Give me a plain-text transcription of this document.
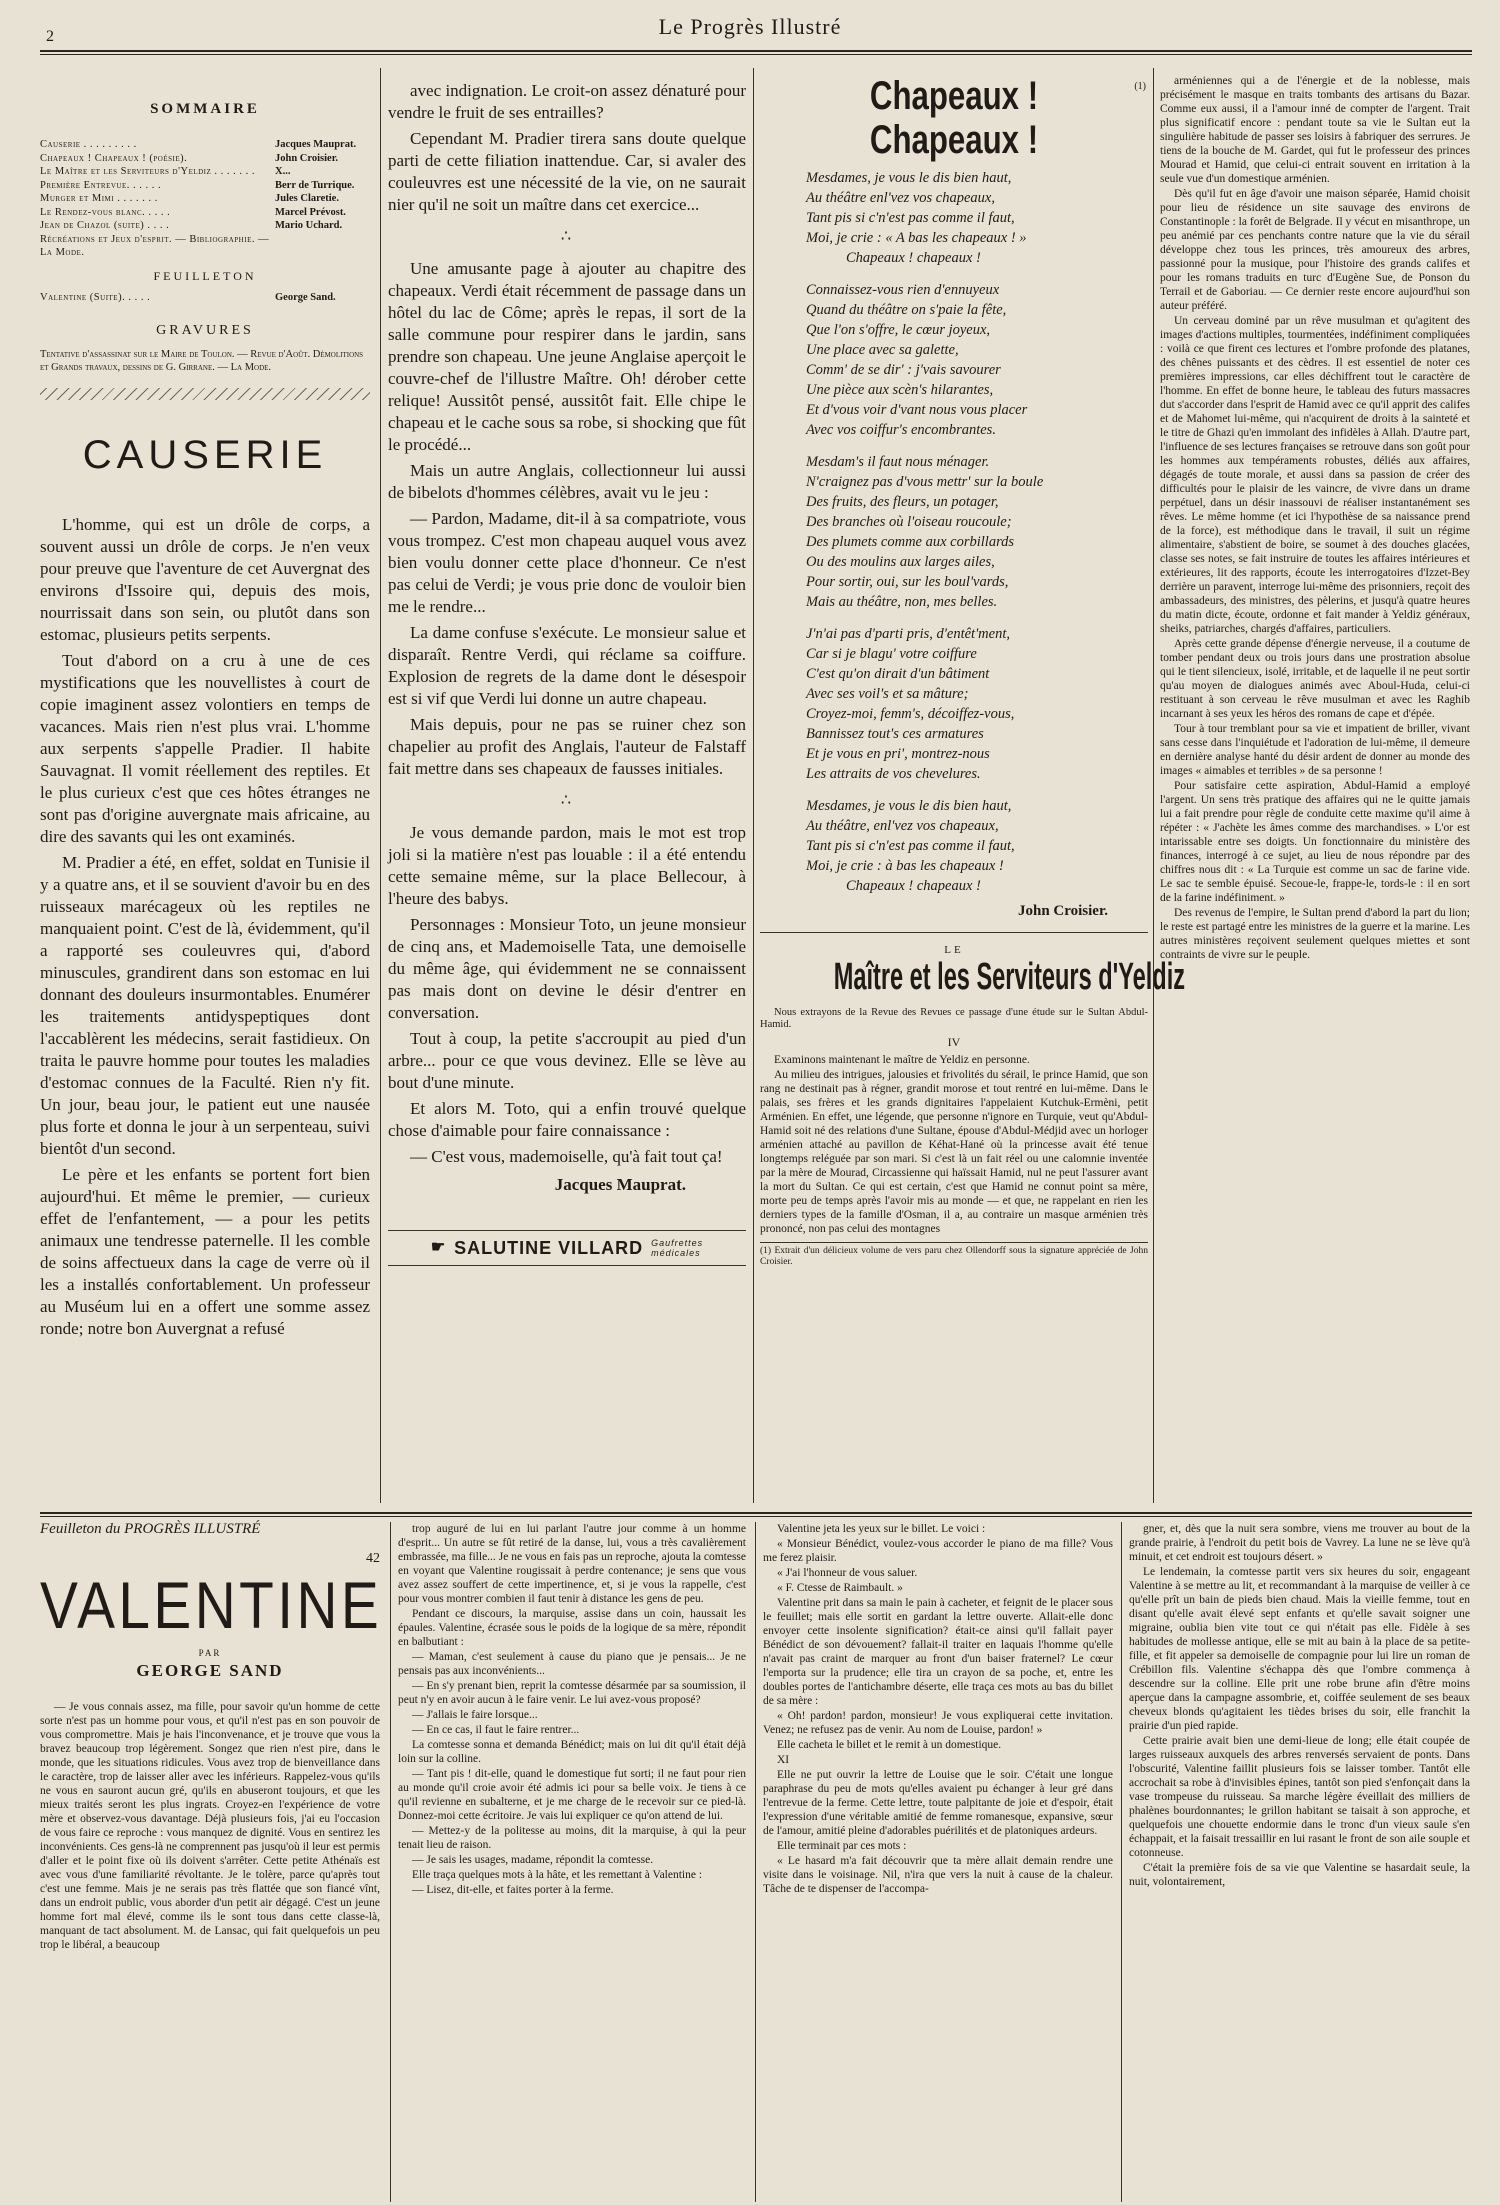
2	Le Progrès Illustré
SOMMAIRE
Causerie . . . . . . . . .	Jacques Mauprat.
Chapeaux ! Chapeaux ! (poésie).	John Croisier.
Le Maître et les Serviteurs d'Yeldiz . . . . . . .	X...
Première Entrevue. . . . . .	Berr de Turrique.
Murger et Mimi . . . . . . .	Jules Claretie.
Le Rendez-vous blanc. . . . .	Marcel Prévost.
Jean de Chazol (suite) . . . .	Mario Uchard.
Récréations et Jeux d'esprit. — Bibliographie. —
La Mode.
FEUILLETON
Valentine (Suite). . . . .	George Sand.
GRAVURES
Tentative d'assassinat sur le Maire de Toulon. — Revue d'Août. Démolitions et Grands travaux, dessins de G. Girrane. — La Mode.
CAUSERIE

L'homme, qui est un drôle de corps, a souvent aussi un drôle de corps. Je n'en veux pour preuve que l'aventure de cet Auvergnat des environs d'Issoire qui, depuis des mois, nourrissait dans son sein, ou plutôt dans son estomac, plusieurs petits serpents.

Tout d'abord on a cru à une de ces mystifications que les nouvellistes à court de copie imaginent assez volontiers en temps de vacances. Mais rien n'est plus vrai. L'homme aux serpents s'appelle Pradier. Il habite Sauvagnat. Il vomit réellement des reptiles. Et le plus curieux c'est que ces hôtes étranges ne sont pas d'origine auvergnate mais africaine, au dire des savants qui les ont examinés.

M. Pradier a été, en effet, soldat en Tunisie il y a quatre ans, et il se souvient d'avoir bu en des ruisseaux marécageux où les reptiles ne manquaient point. C'est de là, évidemment, qu'il a rapporté ses couleuvres qui, d'abord minuscules, grandirent dans son estomac en lui donnant des douleurs insurmontables. Enumérer les traitements antidyspeptiques dont l'accablèrent les médecins, serait fastidieux. On traita le pauvre homme pour toutes les maladies d'estomac connues de la Faculté. Rien n'y fit. Un jour, beau jour, le patient eut une nausée plus forte et donna le jour à un serpenteau, suivi bientôt d'un second.

Le père et les enfants se portent fort bien aujourd'hui. Et même le premier, — curieux effet de l'enfantement, — a pour les petits animaux une tendresse paternelle. Il les comble de soins affectueux dans la cage de verre où il les a installés confortablement. Un professeur au Muséum lui en a offert une somme assez ronde; notre bon Auvergnat a refusé

avec indignation. Le croit-on assez dénaturé pour vendre le fruit de ses entrailles?

Cependant M. Pradier tirera sans doute quelque parti de cette filiation inattendue. Car, si avaler des couleuvres est une nécessité de la vie, on ne saurait nier qu'il ne soit un maître dans cet exercice...

∴

Une amusante page à ajouter au chapitre des chapeaux. Verdi était récemment de passage dans un hôtel du lac de Côme; après le repas, il sort de la salle commune pour respirer dans le jardin, sans prendre son chapeau. Une jeune Anglaise aperçoit le couvre-chef de l'illustre Maître. Oh! dérober cette relique! Aussitôt pensé, aussitôt fait. Elle chipe le chapeau et le cache sous sa robe, si shocking que fût le procédé...

Mais un autre Anglais, collectionneur lui aussi de bibelots d'hommes célèbres, avait vu le jeu :

— Pardon, Madame, dit-il à sa compatriote, vous vous trompez. C'est mon chapeau auquel vous avez bien voulu donner cette place d'honneur. Ce n'est pas celui de Verdi; je vous prie donc de vouloir bien me le rendre...

La dame confuse s'exécute. Le monsieur salue et disparaît. Rentre Verdi, qui réclame sa coiffure. Explosion de regrets de la dame dont le désespoir est si vif que Verdi lui donne un autre chapeau.

Mais depuis, pour ne pas se ruiner chez son chapelier au profit des Anglais, l'auteur de Falstaff fait mettre dans ses chapeaux de fausses initiales.

∴

Je vous demande pardon, mais le mot est trop joli si la matière n'est pas louable : il a été entendu cette semaine même, sur la place Bellecour, à l'heure des babys.

Personnages : Monsieur Toto, un jeune monsieur de cinq ans, et Mademoiselle Tata, une demoiselle du même âge, qui évidemment ne se connaissent pas mais dont on devine le désir d'entrer en conversation.

Tout à coup, la petite s'accroupit au pied d'un arbre... pour ce que vous devinez. Elle se lève au bout d'une minute.

Et alors M. Toto, qui a enfin trouvé quelque chose d'aimable pour faire connaissance :

— C'est vous, mademoiselle, qu'à fait tout ça!

Jacques Mauprat.
☛ SALUTINE VILLARD Gaufrettes
médicales
Chapeaux ! Chapeaux !
(1)
Mesdames, je vous le dis bien haut,
Au théâtre enl'vez vos chapeaux,
Tant pis si c'n'est pas comme il faut,
Moi, je crie : « A bas les chapeaux ! »
Chapeaux ! chapeaux !
Connaissez-vous rien d'ennuyeux
Quand du théâtre on s'paie la fête,
Que l'on s'offre, le cœur joyeux,
Une place avec sa galette,
Comm' de se dir' : j'vais savourer
Une pièce aux scèn's hilarantes,
Et d'vous voir d'vant nous vous placer
Avec vos coiffur's encombrantes.
Mesdam's il faut nous ménager.
N'craignez pas d'vous mettr' sur la boule
Des fruits, des fleurs, un potager,
Des branches où l'oiseau roucoule;
Des plumets comme aux corbillards
Ou des moulins aux larges ailes,
Pour sortir, oui, sur les boul'vards,
Mais au théâtre, non, mes belles.
J'n'ai pas d'parti pris, d'entêt'ment,
Car si je blagu' votre coiffure
C'est qu'on dirait d'un bâtiment
Avec ses voil's et sa mâture;
Croyez-moi, femm's, décoiffez-vous,
Bannissez tout's ces armatures
Et je vous en pri', montrez-nous
Les attraits de vos chevelures.
Mesdames, je vous le dis bien haut,
Au théâtre, enl'vez vos chapeaux,
Tant pis si c'n'est pas comme il faut,
Moi, je crie : à bas les chapeaux !
Chapeaux ! chapeaux !
John Croisier.
LE
Maître et les Serviteurs d'Yeldiz

Nous extrayons de la Revue des Revues ce passage d'une étude sur le Sultan Abdul-Hamid.

IV

Examinons maintenant le maître de Yeldiz en personne.

Au milieu des intrigues, jalousies et frivolités du sérail, le prince Hamid, que son rang ne destinait pas à régner, grandit morose et tout rentré en lui-même. Dans le palais, ses frères et les grands dignitaires l'appelaient Kutchuk-Ermèni, petit Arménien. En effet, une légende, que personne n'ignore en Turquie, veut qu'Abdul-Hamid soit né des relations d'une Sultane, épouse d'Abdul-Médjid avec un horloger arménien attaché au pavillon de Kéhat-Hané où la princesse avait été tenue longtemps reléguée par son mari. Si c'est là un fait réel ou une calomnie inventée par la mère de Mourad, Circassienne qui haïssait Hamid, nul ne peut l'assurer avant la mort du Sultan. Ce qui est certain, c'est que Hamid ne connut point sa mère, morte peu de temps après l'avoir mis au monde — et que, ne rappelant en rien les derniers types de la famille d'Osman, il a, au contraire un masque arménien très prononcé, non pas celui des montagnes

(1) Extrait d'un délicieux volume de vers paru chez Ollendorff sous la signature appréciée de John Croisier.

arméniennes qui a de l'énergie et de la noblesse, mais précisément le masque en traits tombants des artisans du Bazar. Comme eux aussi, il a l'amour inné de compter de l'argent. Trait plus significatif encore : pendant toute sa vie le Sultan eut la singulière habitude de passer ses loisirs à fabriquer des serrures. Je tiens de la bouche de M. Gardet, qui fut le professeur des princes Mourad et Hamid, que celui-ci entrait souvent en irritation à la seule vue d'un domestique arménien.

Dès qu'il fut en âge d'avoir une maison séparée, Hamid choisit pour lieu de résidence un site sauvage des environs de Constantinople : la forêt de Belgrade. Il y vécut en misanthrope, un peu anémié par ces penchants contre nature que la vie du sérail développe chez tous les princes, très amoureux des arbres, passionné pour la musique, pour l'histoire des grands califes et pour les romans traduits en turc d'Eugène Sue, de Ponson du Terrail et de Gaboriau. — Ce dernier reste encore aujourd'hui son auteur préféré.

Un cerveau dominé par un rêve musulman et qu'agitent des images d'actions multiples, tourmentées, indéfiniment compliquées : voilà ce que firent ces lectures et l'ombre profonde des platanes, des chênes puissants et des cèdres. Il est essentiel de noter ces premières impressions, car elles déchiffrent tout le caractère de l'homme. En effet de bonne heure, le tableau des futurs massacres dut s'accorder dans l'esprit de Hamid avec ce qu'il apprit des califes et de Mahomet lui-même, qui n'acquirent de droits à la sainteté et le titre de Ghazi qu'en immolant des infidèles à Allah. D'autre part, l'influence de ses lectures françaises se retrouve dans son goût pour les hommes aux tempéraments robustes, déliés aux affaires, dégagés de toute morale, et aussi dans sa passion de créer des difficultés pour le plaisir de les vaincre, de vivre dans un drame perpétuel, dans un désir inassouvi de réaliser instantanément ses rêves. Le même homme (et ici l'hypothèse de sa naissance prend de la force), est méthodique dans le travail, il suit un régime alimentaire, s'abstient de boire, se soumet à des douches glacées, classe ses notes, se fait instruire de toutes les affaires intérieures et extérieures, lit des rapports, écoute les interrogatoires d'Izzet-Bey derrière un paravent, interroge lui-même des prisonniers, reçoit des ambassadeurs, des ministres, des pèlerins, et jusqu'à quatre heures du matin dicte, écoute, ordonne et fait mander à Yeldiz généraux, sheiks, patriarches, chargés d'affaires, particuliers.

Après cette grande dépense d'énergie nerveuse, il a coutume de tomber pendant deux ou trois jours dans une prostration absolue qui le tient silencieux, isolé, irritable, et de laquelle il ne peut sortir qu'au moyen de dialogues animés avec Aboul-Huda, celui-ci restituant à son cerveau le rêve musulman et avec les Raghib incarnant à ses yeux les héros des romans de cape et d'épée.

Tour à tour tremblant pour sa vie et impatient de briller, vivant sans cesse dans l'inquiétude et l'adoration de lui-même, il demeure en dernière analyse hanté du désir ardent de donner au monde des images « aimables et terribles » de sa personne !

Pour satisfaire cette aspiration, Abdul-Hamid a employé l'argent. Un sens très pratique des affaires qui ne le quitte jamais lui a fait prendre pour règle de conduite cette maxime qu'il aime à répéter : « J'achète les âmes comme des marchandises. » L'or est intarissable entre ses doigts. Un fonctionnaire du ministère des finances, interrogé à ce sujet, au lieu de nous répondre par des chiffres nous dit : « La Turquie est comme un sac de farine vide. Le sac te semble épuisé. Secoue-le, frappe-le, tords-le : il en sort de la farine indéfiniment. »

Des revenus de l'empire, le Sultan prend d'abord la part du lion; le reste est partagé entre les ministres de la guerre et la marine. Les autres ministères reçoivent seulement quelques miettes et sont contraints de vivre sur le peuple.

Feuilleton du PROGRÈS ILLUSTRÉ
42
VALENTINE
PAR
GEORGE SAND

— Je vous connais assez, ma fille, pour savoir qu'un homme de cette sorte n'est pas un homme pour vous, et qu'il n'est pas en son pouvoir de vous compromettre. Mais je hais l'inconvenance, et je trouve que vous la bravez beaucoup trop légèrement. Songez que rien n'est pire, dans le monde, que les situations ridicules. Vous avez trop de bienveillance dans le caractère, trop de laisser aller avec les inférieurs. Rappelez-vous qu'ils ne vous en sauront aucun gré, qu'ils en abuseront toujours, et que les mieux traités seront les plus ingrats. Croyez-en l'expérience de votre mère et observez-vous davantage. Déjà plusieurs fois, j'ai eu l'occasion de vous faire ce reproche : vous manquez de dignité. Vous en sentirez les inconvénients. Ces gens-là ne comprennent pas jusqu'où il leur est permis d'aller et le point fixe où ils doivent s'arrêter. Cette petite Athénaïs est avec vous d'une familiarité révoltante. Je le tolère, parce qu'après tout c'est une femme. Mais je ne serais pas très flattée que son fiancé vînt, dans un endroit public, vous aborder d'un petit air dégagé. C'est un jeune homme fort mal élevé, comme ils le sont tous dans cette classe-là, manquant de tact absolument. M. de Lansac, qui fait quelquefois un peu trop le libéral, a beaucoup

trop auguré de lui en lui parlant l'autre jour comme à un homme d'esprit... Un autre se fût retiré de la danse, lui, vous a très cavalièrement embrassée, ma fille... Je ne vous en fais pas un reproche, ajouta la comtesse en voyant que Valentine rougissait à perdre contenance; je sens que vous avez assez souffert de cette impertinence, et, si je vous la rappelle, c'est pour vous montrer combien il faut tenir à distance les gens de peu.

Pendant ce discours, la marquise, assise dans un coin, haussait les épaules. Valentine, écrasée sous le poids de la logique de sa mère, répondit en balbutiant :

— Maman, c'est seulement à cause du piano que je pensais... Je ne pensais pas aux inconvénients...

— En s'y prenant bien, reprit la comtesse désarmée par sa soumission, il peut n'y en avoir aucun à le faire venir. Le lui avez-vous proposé?

— J'allais le faire lorsque...

— En ce cas, il faut le faire rentrer...

La comtesse sonna et demanda Bénédict; mais on lui dit qu'il était déjà loin sur la colline.

— Tant pis ! dit-elle, quand le domestique fut sorti; il ne faut pour rien au monde qu'il croie avoir été admis ici pour sa belle voix. Je tiens à ce qu'il revienne en subalterne, et je me charge de le recevoir sur ce pied-là. Donnez-moi cette écritoire. Je vais lui expliquer ce qu'on attend de lui.

— Mettez-y de la politesse au moins, dit la marquise, à qui la peur tenait lieu de raison.

— Je sais les usages, madame, répondit la comtesse.

Elle traça quelques mots à la hâte, et les remettant à Valentine :

— Lisez, dit-elle, et faites porter à la ferme.

Valentine jeta les yeux sur le billet. Le voici :

« Monsieur Bénédict, voulez-vous accorder le piano de ma fille? Vous me ferez plaisir.

« J'ai l'honneur de vous saluer.

« F. Ctesse de Raimbault. »

Valentine prit dans sa main le pain à cacheter, et feignit de le placer sous le feuillet; mais elle sortit en gardant la lettre ouverte. Allait-elle donc envoyer cette insolente signification? était-ce ainsi qu'il fallait payer Bénédict de son dévouement? fallait-il traiter en laquais l'homme qu'elle n'avait pas craint de marquer au front d'un baiser fraternel? Le cœur l'emporta sur la prudence; elle tira un crayon de sa poche, et, entre les doubles portes de l'antichambre déserte, elle traça ces mots au bas du billet de sa mère :

« Oh! pardon! pardon, monsieur! Je vous expliquerai cette invitation. Venez; ne refusez pas de venir. Au nom de Louise, pardon! »

Elle cacheta le billet et le remit à un domestique.

XI

Elle ne put ouvrir la lettre de Louise que le soir. C'était une longue paraphrase du peu de mots qu'elles avaient pu échanger à leur gré dans l'entrevue de la ferme. Cette lettre, toute palpitante de joie et d'espoir, était l'expression d'une véritable amitié de femme romanesque, expansive, sœur de l'amour, amitié pleine d'adorables puérilités et de platoniques ardeurs.

Elle terminait par ces mots :

« Le hasard m'a fait découvrir que ta mère allait demain rendre une visite dans le voisinage. Nil, n'ira que vers la nuit à cause de la chaleur. Tâche de te dispenser de l'accompa-

gner, et, dès que la nuit sera sombre, viens me trouver au bout de la grande prairie, à l'endroit du petit bois de Vavrey. La lune ne se lève qu'à minuit, et cet endroit est toujours désert. »

Le lendemain, la comtesse partit vers six heures du soir, engageant Valentine à se mettre au lit, et recommandant à la marquise de veiller à ce qu'elle prît un bain de pieds bien chaud. Mais la vieille femme, tout en disant qu'elle avait élevé sept enfants et qu'elle savait soigner une migraine, oublia bien vite tout ce qui n'était pas elle. Fidèle à ses habitudes de mollesse antique, elle se mit au bain à la place de sa petite-fille, et fit appeler sa demoiselle de compagnie pour lui lire un roman de Crébillon fils. Valentine s'échappa dès que l'ombre commença à descendre sur la colline. Elle prit une robe brune afin d'être moins aperçue dans la campagne assombrie, et, coiffée seulement de ses beaux cheveux blonds qu'agitaient les tièdes brises du soir, elle franchit la prairie d'un pied rapide.

Cette prairie avait bien une demi-lieue de long; elle était coupée de larges ruisseaux auxquels des arbres renversés servaient de ponts. Dans l'obscurité, Valentine faillit plusieurs fois se laisser tomber. Tantôt elle accrochait sa robe à d'invisibles épines, tantôt son pied s'enfonçait dans la vase trompeuse du ruisseau. Sa marche légère éveillait des milliers de phalènes bourdonnantes; le grillon habitant se taisait à son approche, et quelquefois une chouette endormie dans le tronc d'un vieux saule s'en échappait, et la faisait tressaillir en lui rasant le front de son aile souple et cotonneuse.

C'était la première fois de sa vie que Valentine se hasardait seule, la nuit, volontairement,
